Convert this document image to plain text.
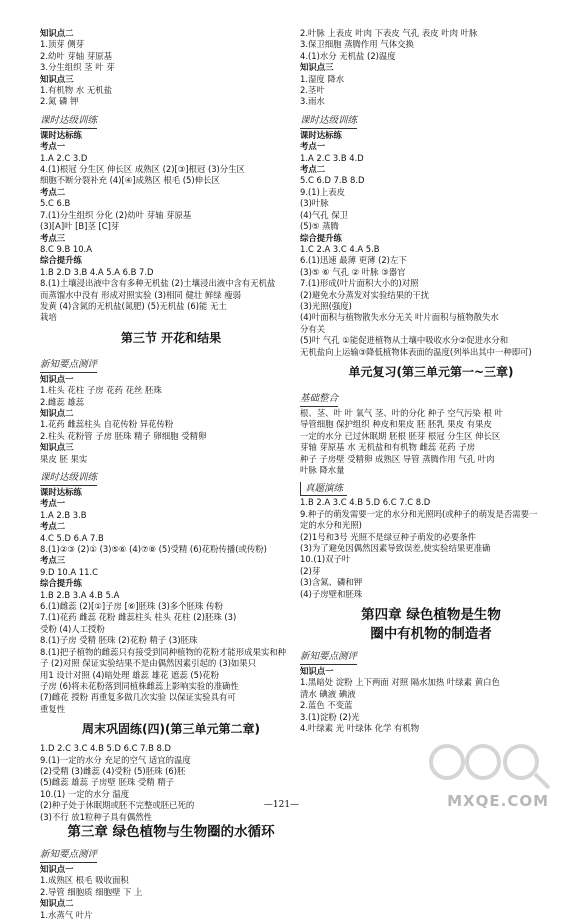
知识点二
1.顶芽 侧芽
2.幼叶 芽轴 芽原基
3.分生组织 茎 叶 芽
知识点三
1.有机物 水 无机盐
2.氮 磷 钾
课时达级训练
课时达标练
考点一
1.A 2.C 3.D
4.(1)根冠 分生区 伸长区 成熟区 (2)[③]根冠 (3)分生区
细胞不断分裂补充 (4)[④]成熟区 根毛 (5)伸长区
考点二
5.C 6.B
7.(1)分生组织 分化 (2)幼叶 芽轴 芽原基
(3)[A]叶 [B]茎 [C]芽
考点三
8.C 9.B 10.A
综合提升练
1.B 2.D 3.B 4.A 5.A 6.B 7.D
8.(1)土壤浸出液中含有多种无机盐 (2)土壤浸出液中含有无机盐
而蒸馏水中没有 形成对照实验 (3)相同 健壮 鲜绿 瘦弱
发黄 (4)含氮的无机盐(氮肥) (5)无机盐 (6)能 无土
栽培
第三节 开花和结果
新知要点测评
知识点一
1.柱头 花柱 子房 花药 花丝 胚珠
2.雌蕊 雄蕊
知识点二
1.花药 雌蕊柱头 自花传粉 异花传粉
2.柱头 花粉管 子房 胚珠 精子 卵细胞 受精卵
知识点三
果皮 胚 果实
课时达级训练
课时达标练
考点一
1.A 2.B 3.B
考点二
4.C 5.D 6.A 7.B
8.(1)②③ (2)① (3)⑤⑥ (4)⑦⑧ (5)受精 (6)花粉传播(或传粉)
考点三
9.D 10.A 11.C
综合提升练
1.B 2.B 3.A 4.B 5.A
6.(1)雌蕊 (2)[①]子房 [⑥]胚珠 (3)多个胚珠 传粉
7.(1)花药 雌蕊 花粉 雌蕊柱头 柱头 花柱 (2)胚珠 (3)
受粉 (4)人工授粉
8.(1)子房 受精 胚珠 (2)花粉 精子 (3)胚珠
8.(1)把子植物的雌蕊只有接受到同种植物的花粉才能形成果实和种
子 (2)对照 保证实验结果不是由偶然因素引起的 (3)如果只
用1 设计对照 (4)暗处理 雄蕊 雄花 遮蕊 (5)花粉
子房 (6)将未花粉落到同植株雌蕊上影响实验的准确性
(7)雌花 授粉 再重复多做几次实验 以保证实验具有可
重复性
周末巩固练(四)(第三单元第二章)
1.D 2.C 3.C 4.B 5.D 6.C 7.B 8.D
9.(1)一定的水分 充足的空气 适宜的温度
(2)受精 (3)雌蕊 (4)受粉 (5)胚珠 (6)胚
(5)雌蕊 雄蕊 子房壁 胚珠 受精 精子
10.(1) 一定的水分 温度
(2)种子处于休眠期或胚不完整或胚已死的
(3)不行 放1粒种子具有偶然性
第三章 绿色植物与生物圈的水循环
新知要点测评
知识点一
1.成熟区 根毛 吸收面积
2.导管 细胞质 细胞壁 下 上
知识点二
1.水蒸气 叶片
2.叶脉 上表皮 叶肉 下表皮 气孔 表皮 叶肉 叶脉
3.保卫细胞 蒸腾作用 气体交换
4.(1)水分 无机盐 (2)温度
知识点三
1.湿度 降水
2.茎叶
3.雨水
课时达级训练
课时达标练
考点一
1.A 2.C 3.B 4.D
考点二
5.C 6.D 7.B 8.D
9.(1)上表皮
(3)叶脉
(4)气孔 保卫
(5)⑤ 蒸腾
综合提升练
1.C 2.A 3.C 4.A 5.B
6.(1)迅速 最薄 更薄 (2)左下
(3)⑤ ⑥ 气孔 ② 叶脉 ③器官
7.(1)形成(叶片面积大小的)对照
(2)避免水分蒸发对实验结果的干扰
(3)光照(强度)
(4)叶面积与植物散失水分无关 叶片面积与植物散失水
分有关
(5)叶 气孔 ①能促进植物从土壤中吸收水分②促进水分和
无机盐向上运输③降低植物体表面的温度(列举出其中一种即可)
单元复习(第三单元第一~三章)
基础整合
根、茎、叶 叶 氧气 茎、叶的分化 种子 空气污染 根 叶
导管细胞 保护组织 种皮和果皮 胚 胚乳 果皮 有果皮
一定的水分 已过休眠期 胚根 胚芽 根冠 分生区 伸长区
芽轴 芽原基 水 无机盐和有机物 雌蕊 花药 子房
种子 子房壁 受精卵 成熟区 导管 蒸腾作用 气孔 叶肉
叶脉 降水量
真题演练
1.B 2.A 3.C 4.B 5.D 6.C 7.C 8.D
9.种子的萌发需要一定的水分和光照吗(或种子的萌发是否需要一
定的水分和光照)
(2)1号和3号 光照不是绿豆种子萌发的必要条件
(3)为了避免因偶然因素导致误差,使实验结果更准确
10.(1)双子叶
(2)芽
(3)含氮、磷和钾
(4)子房壁和胚珠
第四章 绿色植物是生物
圈中有机物的制造者
新知要点测评
知识点一
1.黑暗处 淀粉 上下两面 对照 隔水加热 叶绿素 黄白色
清水 碘液 碘液
2.蓝色 不变蓝
3.(1)淀粉 (2)光
4.叶绿素 光 叶绿体 化学 有机物
—121—	MXQE.COM
